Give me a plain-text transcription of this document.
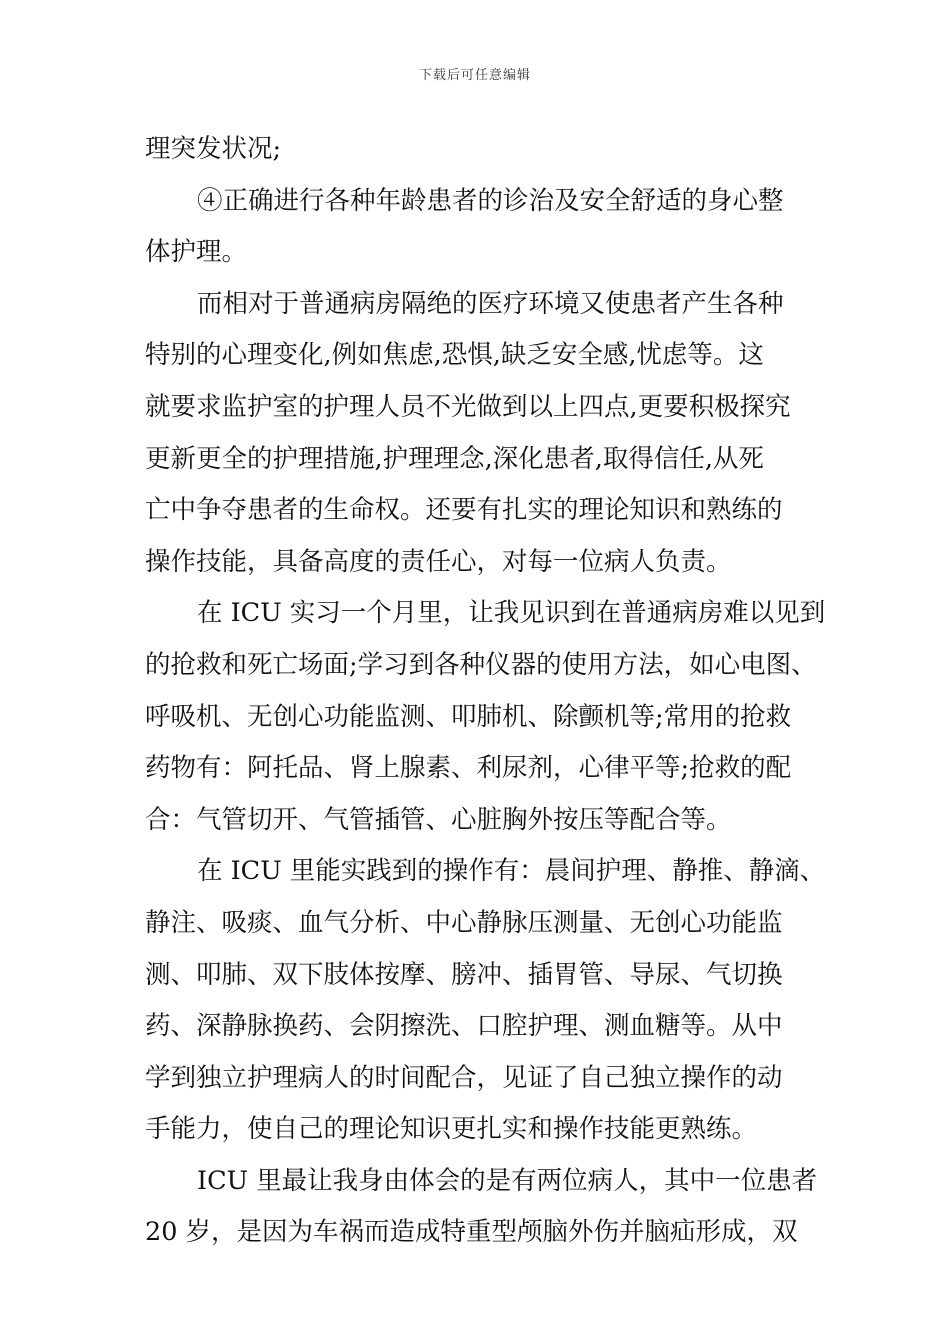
下载后可任意编辑
理突发状况;
④正确进行各种年龄患者的诊治及安全舒适的身心整
体护理。
而相对于普通病房隔绝的医疗环境又使患者产生各种
特别的心理变化,例如焦虑,恐惧,缺乏安全感,忧虑等。这
就要求监护室的护理人员不光做到以上四点,更要积极探究
更新更全的护理措施,护理理念,深化患者,取得信任,从死
亡中争夺患者的生命权。还要有扎实的理论知识和熟练的
操作技能，具备高度的责任心，对每一位病人负责。
在 ICU 实习一个月里，让我见识到在普通病房难以见到
的抢救和死亡场面;学习到各种仪器的使用方法，如心电图、
呼吸机、无创心功能监测、叩肺机、除颤机等;常用的抢救
药物有：阿托品、肾上腺素、利尿剂，心律平等;抢救的配
合：气管切开、气管插管、心脏胸外按压等配合等。
在 ICU 里能实践到的操作有：晨间护理、静推、静滴、
静注、吸痰、血气分析、中心静脉压测量、无创心功能监
测、叩肺、双下肢体按摩、膀冲、插胃管、导尿、气切换
药、深静脉换药、会阴擦洗、口腔护理、测血糖等。从中
学到独立护理病人的时间配合，见证了自己独立操作的动
手能力，使自己的理论知识更扎实和操作技能更熟练。
ICU 里最让我身由体会的是有两位病人，其中一位患者
20 岁，是因为车祸而造成特重型颅脑外伤并脑疝形成，双
